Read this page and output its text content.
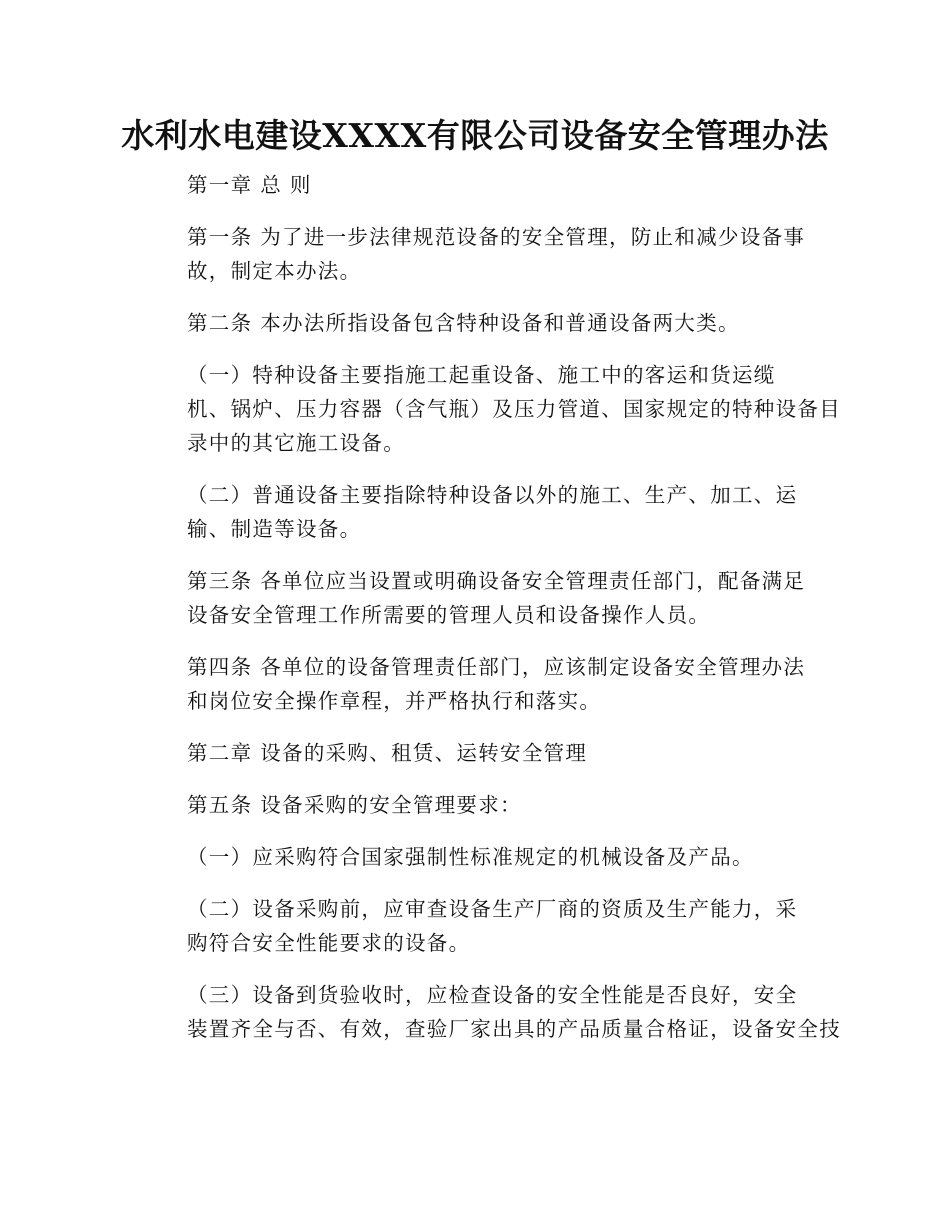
水利水电建设XXXX有限公司设备安全管理办法

第一章 总 则

第一条 为了进一步法律规范设备的安全管理，防止和减少设备事
故，制定本办法。

第二条 本办法所指设备包含特种设备和普通设备两大类。

（一）特种设备主要指施工起重设备、施工中的客运和货运缆
机、锅炉、压力容器（含气瓶）及压力管道、国家规定的特种设备目
录中的其它施工设备。

（二）普通设备主要指除特种设备以外的施工、生产、加工、运
输、制造等设备。

第三条 各单位应当设置或明确设备安全管理责任部门，配备满足
设备安全管理工作所需要的管理人员和设备操作人员。

第四条 各单位的设备管理责任部门，应该制定设备安全管理办法
和岗位安全操作章程，并严格执行和落实。

第二章 设备的采购、租赁、运转安全管理

第五条 设备采购的安全管理要求：

（一）应采购符合国家强制性标准规定的机械设备及产品。

（二）设备采购前，应审查设备生产厂商的资质及生产能力，采
购符合安全性能要求的设备。

（三）设备到货验收时，应检查设备的安全性能是否良好，安全
装置齐全与否、有效，查验厂家出具的产品质量合格证，设备安全技
